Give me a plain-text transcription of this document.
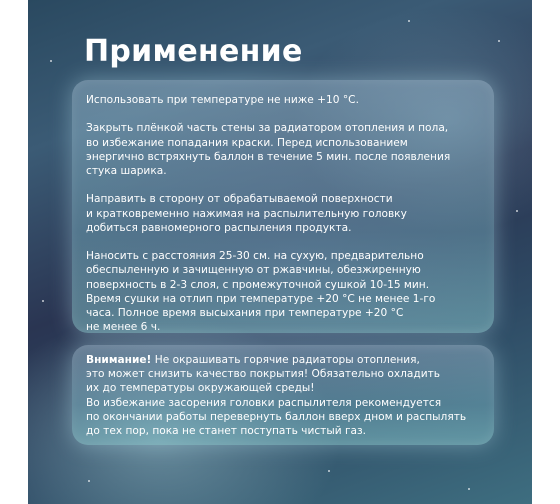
Применение

Использовать при температуре не ниже +10 °С.

Закрыть плёнкой часть стены за радиатором отопления и пола,
во избежание попадания краски. Перед использованием
энергично встряхнуть баллон в течение 5 мин. после появления
стука шарика.

Направить в сторону от обрабатываемой поверхности
и кратковременно нажимая на распылительную головку
добиться равномерного распыления продукта.

Наносить с расстояния 25-30 см. на сухую, предварительно
обеспыленную и зачищенную от ржавчины, обезжиренную
поверхность в 2-3 слоя, с промежуточной сушкой 10-15 мин.
Время сушки на отлип при температуре +20 °С не менее 1-го
часа. Полное время высыхания при температуре +20 °С
не менее 6 ч.

Внимание! Не окрашивать горячие радиаторы отопления,
это может снизить качество покрытия! Обязательно охладить
их до температуры окружающей среды!
Во избежание засорения головки распылителя рекомендуется
по окончании работы перевернуть баллон вверх дном и распылять
до тех пор, пока не станет поступать чистый газ.
